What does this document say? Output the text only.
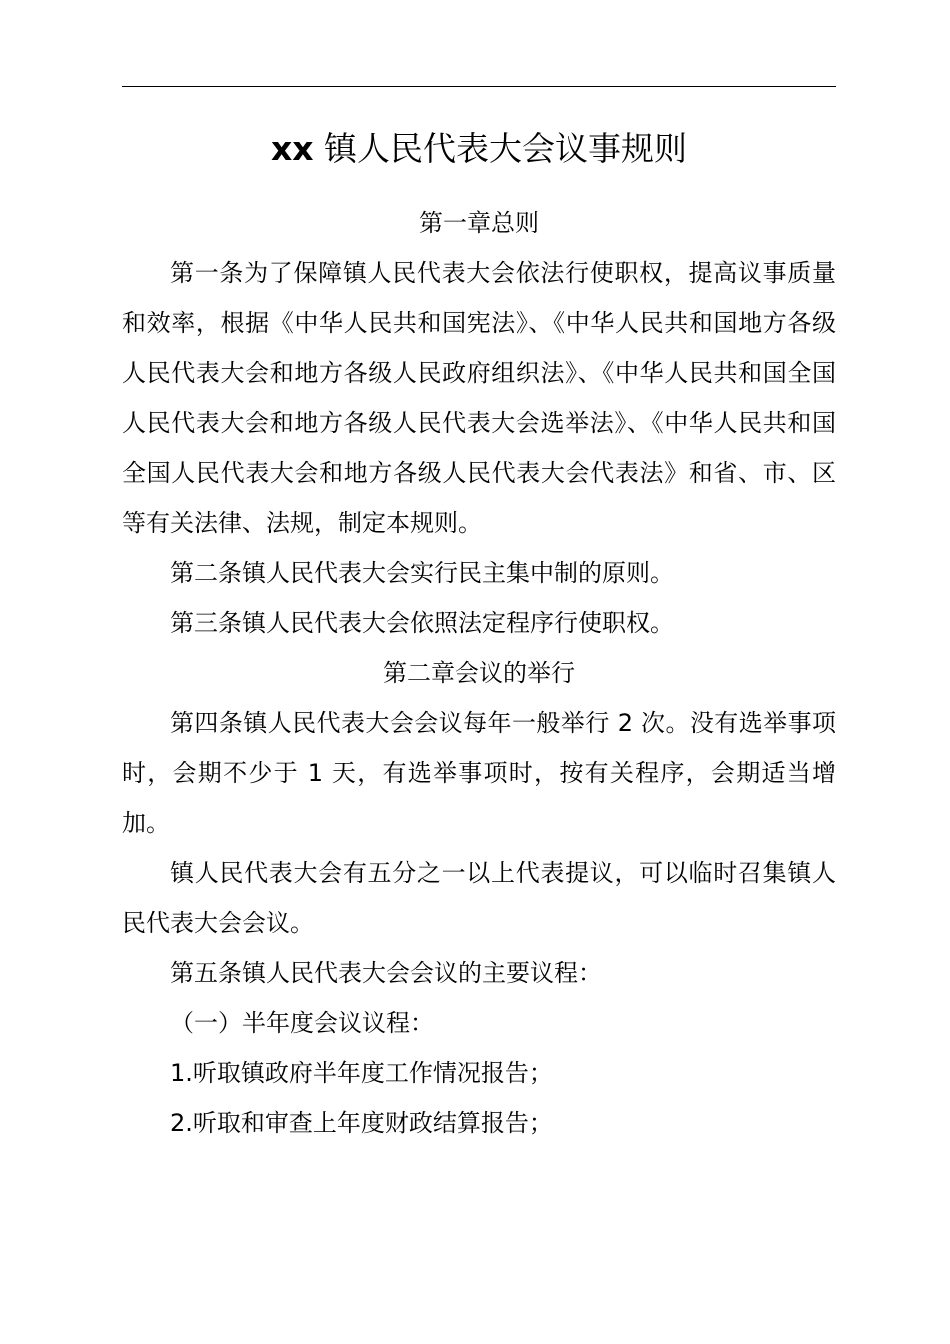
xx 镇人民代表大会议事规则

第一章总则

第一条为了保障镇人民代表大会依法行使职权，提高议事质量和效率，根据《中华人民共和国宪法》、《中华人民共和国地方各级人民代表大会和地方各级人民政府组织法》、《中华人民共和国全国人民代表大会和地方各级人民代表大会选举法》、《中华人民共和国全国人民代表大会和地方各级人民代表大会代表法》和省、市、区等有关法律、法规，制定本规则。

第二条镇人民代表大会实行民主集中制的原则。

第三条镇人民代表大会依照法定程序行使职权。

第二章会议的举行

第四条镇人民代表大会会议每年一般举行 2 次。没有选举事项时，会期不少于 1 天，有选举事项时，按有关程序，会期适当增加。

镇人民代表大会有五分之一以上代表提议，可以临时召集镇人民代表大会会议。

第五条镇人民代表大会会议的主要议程：

（一）半年度会议议程：

1.听取镇政府半年度工作情况报告；

2.听取和审查上年度财政结算报告；
